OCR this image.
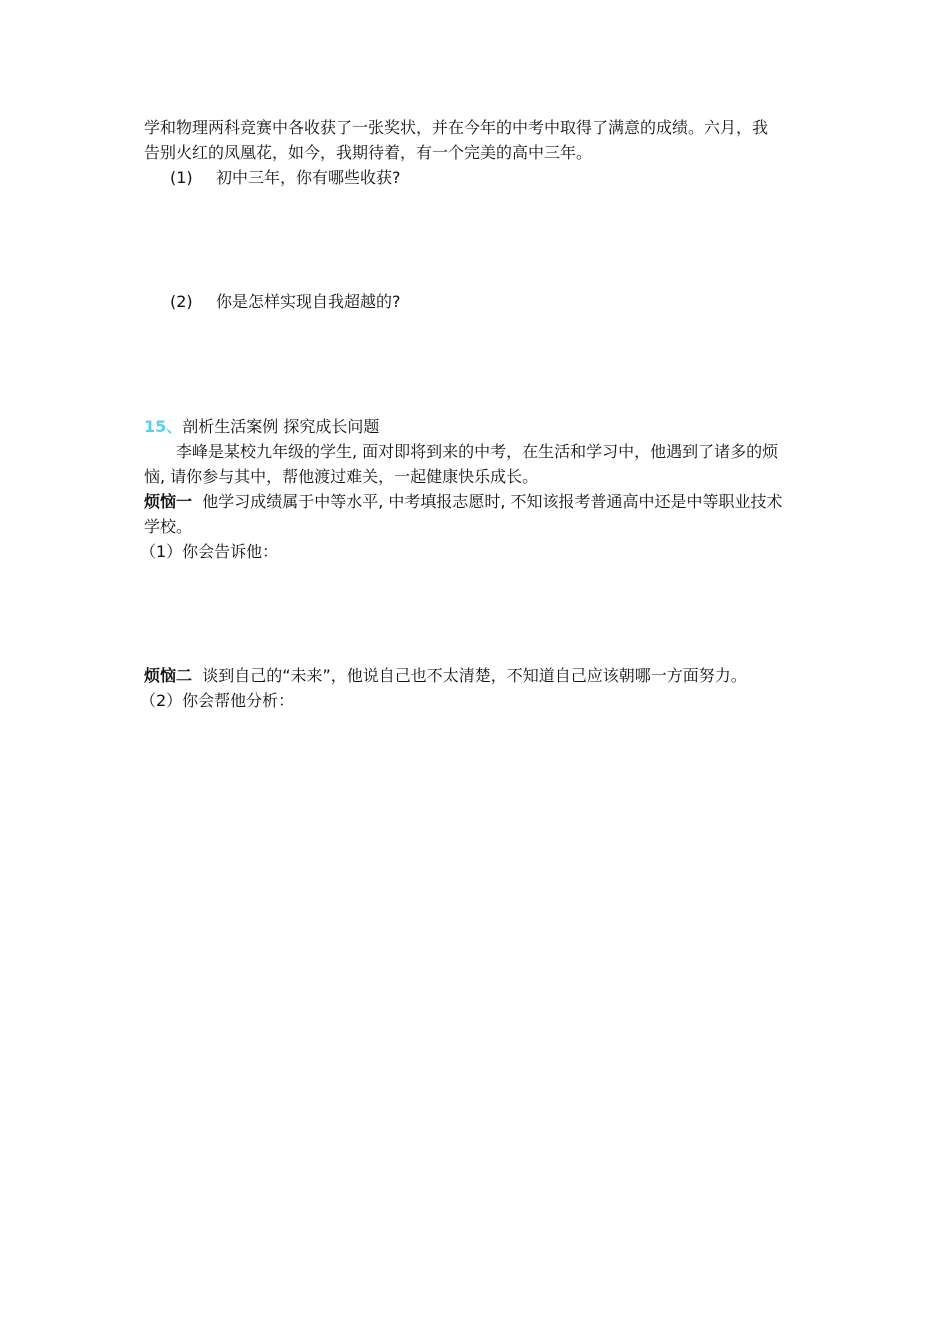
学和物理两科竞赛中各收获了一张奖状，并在今年的中考中取得了满意的成绩。六月，我
告别火红的凤凰花，如今，我期待着，有一个完美的高中三年。
(1) 初中三年，你有哪些收获?
(2) 你是怎样实现自我超越的?
15、剖析生活案例 探究成长问题
李峰是某校九年级的学生, 面对即将到来的中考，在生活和学习中，他遇到了诸多的烦
恼, 请你参与其中，帮他渡过难关，一起健康快乐成长。
烦恼一 他学习成绩属于中等水平, 中考填报志愿时, 不知该报考普通高中还是中等职业技术
学校。
（1）你会告诉他：
烦恼二 谈到自己的“未来”，他说自己也不太清楚，不知道自己应该朝哪一方面努力。
（2）你会帮他分析：
